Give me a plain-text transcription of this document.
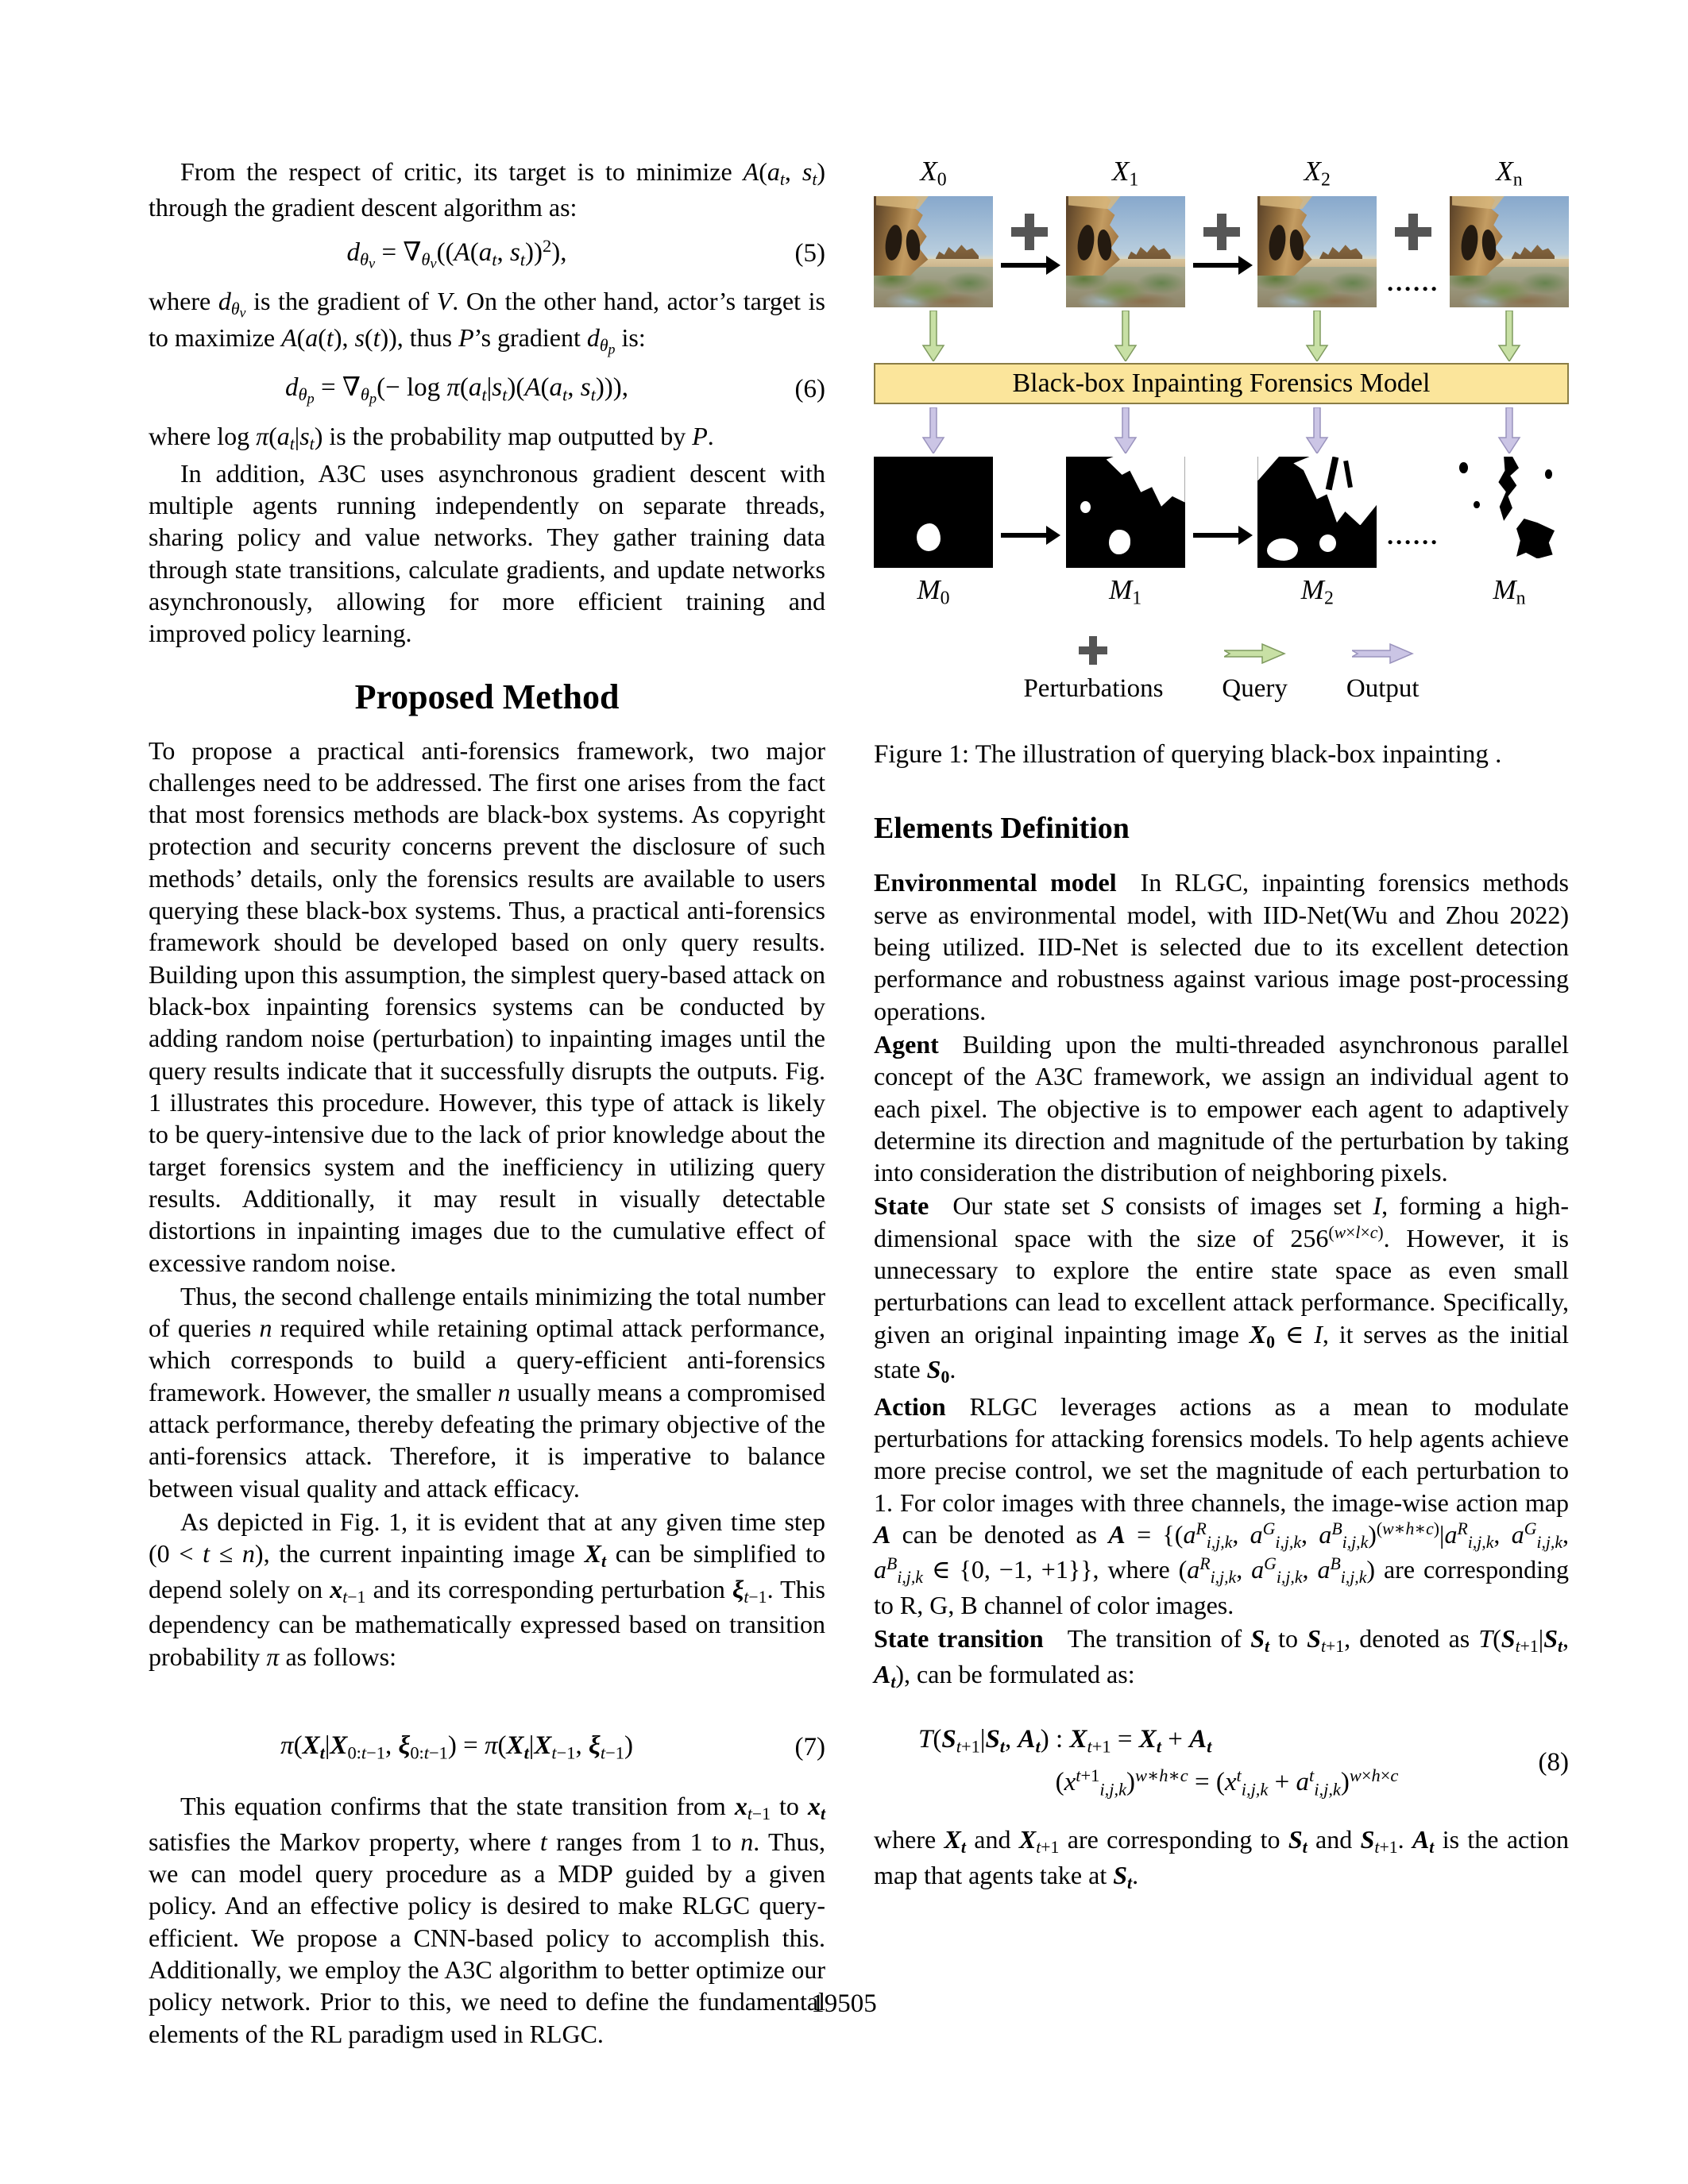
From the respect of critic, its target is to minimize $A(a_t$, $s_t$) through the gradient descent algorithm as:

$d_{\theta_v} = \nabla_{\theta_v}((A(a_t$, $s_t))^2$),	(5)

where $d_{\theta_v}$ is the gradient of V. On the other hand, actor’s target is to maximize A(a(t), s(t)), thus P’s gradient $d_{\theta_p}$ is:

$d_{\theta_p} = \nabla_{\theta_p}(- \log \pi(a_t|s_t)(A(a_t$, $s_t$))),	(6)

where $\log \pi(a_t|s_t)$ is the probability map outputted by P.

In addition, A3C uses asynchronous gradient descent with multiple agents running independently on separate threads, sharing policy and value networks. They gather training data through state transitions, calculate gradients, and update networks asynchronously, allowing for more efficient training and improved policy learning.

Proposed Method

To propose a practical anti-forensics framework, two major challenges need to be addressed. The first one arises from the fact that most forensics methods are black-box systems. As copyright protection and security concerns prevent the disclosure of such methods’ details, only the forensics results are available to users querying these black-box systems. Thus, a practical anti-forensics framework should be developed based on only query results. Building upon this assumption, the simplest query-based attack on black-box inpainting forensics systems can be conducted by adding random noise (perturbation) to inpainting images until the query results indicate that it successfully disrupts the outputs. Fig. 1 illustrates this procedure. However, this type of attack is likely to be query-intensive due to the lack of prior knowledge about the target forensics system and the inefficiency in utilizing query results. Additionally, it may result in visually detectable distortions in inpainting images due to the cumulative effect of excessive random noise.

Thus, the second challenge entails minimizing the total number of queries n required while retaining optimal attack performance, which corresponds to build a query-efficient anti-forensics framework. However, the smaller n usually means a compromised attack performance, thereby defeating the primary objective of the anti-forensics attack. Therefore, it is imperative to balance between visual quality and attack efficacy.

As depicted in Fig. 1, it is evident that at any given time step (0 < t ≤ n), the current inpainting image $X_t$ can be simplified to depend solely on $x_{t-1}$ and its corresponding perturbation $\xi_{t-1}$. This dependency can be mathematically expressed based on transition probability π as follows:

$\pi(X_t|X_{0:t-1}$, $\xi_{0:t-1}) = \pi(X_t|X_{t-1}$, $\xi_{t-1}$)	(7)

This equation confirms that the state transition from $x_{t-1}$ to $x_t$ satisfies the Markov property, where t ranges from 1 to n. Thus, we can model query procedure as a MDP guided by a given policy. And an effective policy is desired to make RLGC query-efficient. We propose a CNN-based policy to accomplish this. Additionally, we employ the A3C algorithm to better optimize our policy network. Prior to this, we need to define the fundamental elements of the RL paradigm used in RLGC.

$X_0$	$X_1$	$X_2$	$X_n$
......
Black-box Inpainting Forensics Model
......
$M_0$	$M_1$	$M_2$	$M_n$
Perturbations Query Output
Figure 1: The illustration of querying black-box inpainting .
Elements Definition

Environmental model In RLGC, inpainting forensics methods serve as environmental model, with IID-Net(Wu and Zhou 2022) being utilized. IID-Net is selected due to its excellent detection performance and robustness against various image post-processing operations.

Agent Building upon the multi-threaded asynchronous parallel concept of the A3C framework, we assign an individual agent to each pixel. The objective is to empower each agent to adaptively determine its direction and magnitude of the perturbation by taking into consideration the distribution of neighboring pixels.

State Our state set S consists of images set I, forming a high-dimensional space with the size of $256^{(w\times l\times c)}$. However, it is unnecessary to explore the entire state space as even small perturbations can lead to excellent attack performance. Specifically, given an original inpainting image $X_0$ ∈ I, it serves as the initial state $S_0$.

Action RLGC leverages actions as a mean to modulate perturbations for attacking forensics models. To help agents achieve more precise control, we set the magnitude of each perturbation to 1. For color images with three channels, the image-wise action map A can be denoted as $A = \{(a^R_{i,j,k}$, $a^G_{i,j,k}$, $a^B_{i,j,k})^{(w∗h∗c)}|a^R_{i,j,k}$, $a^G_{i,j,k}$, $a^B_{i,j,k}$ ∈ {0, −1, +1}}, where ($a^R_{i,j,k}$, $a^G_{i,j,k}$, $a^B_{i,j,k}$) are corresponding to R, G, B channel of color images.

State transition The transition of $S_t$ to $S_{t+1}$, denoted as $T(S_{t+1}|S_t$, $A_t$), can be formulated as:

$T(S_{t+1}|S_t$, $A_t$) : $X_{t+1} = X_t + A_t$
$(x^{t+1}_{i,j,k})^{w∗h∗c} = (x^t_{i,j,k} + a^t_{i,j,k})^{w\times h\times c}$	(8)

where $X_t$ and $X_{t+1}$ are corresponding to $S_t$ and $S_{t+1}$. $A_t$ is the action map that agents take at $S_t$.

19505
